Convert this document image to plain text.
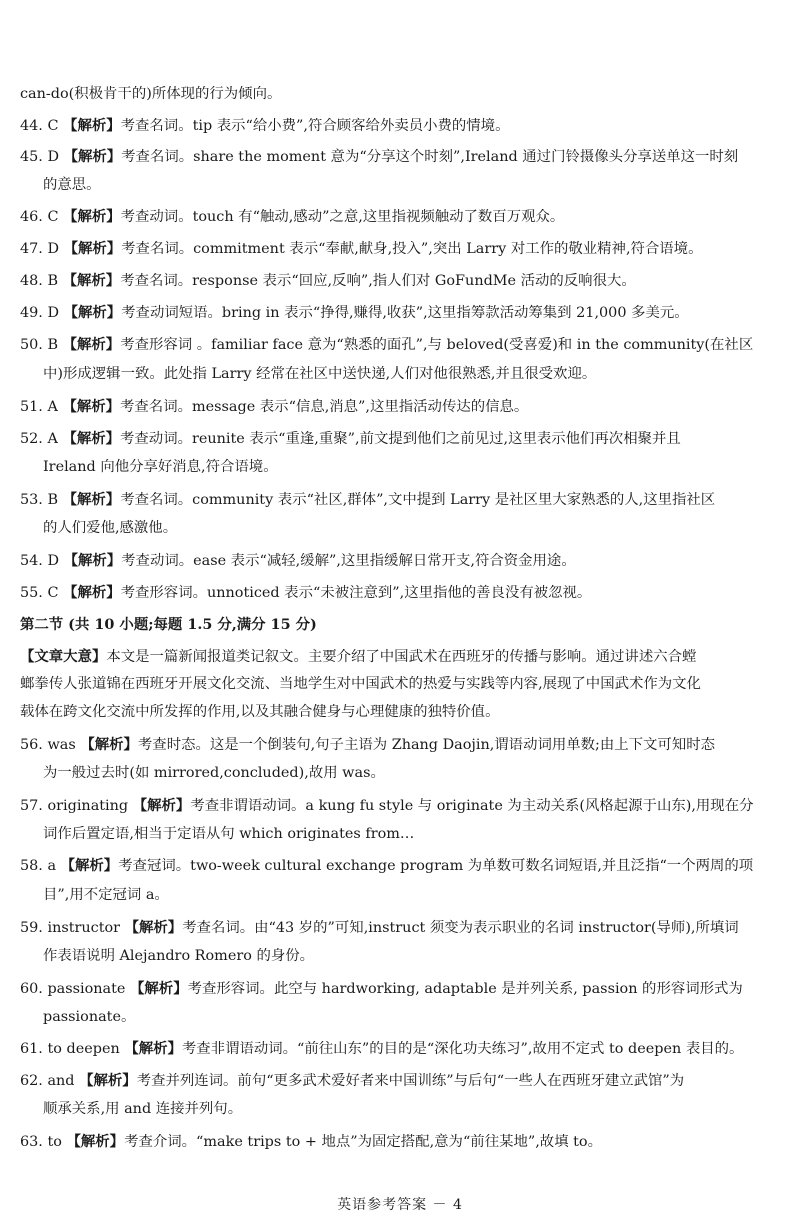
can-do(积极肯干的)所体现的行为倾向。
44. C 【解析】考查名词。tip 表示“给小费”,符合顾客给外卖员小费的情境。
45. D 【解析】考查名词。share the moment 意为“分享这个时刻”,Ireland 通过门铃摄像头分享送单这一时刻
的意思。
46. C 【解析】考查动词。touch 有“触动,感动”之意,这里指视频触动了数百万观众。
47. D 【解析】考查名词。commitment 表示“奉献,献身,投入”,突出 Larry 对工作的敬业精神,符合语境。
48. B 【解析】考查名词。response 表示“回应,反响”,指人们对 GoFundMe 活动的反响很大。
49. D 【解析】考查动词短语。bring in 表示“挣得,赚得,收获”,这里指筹款活动筹集到 21,000 多美元。
50. B 【解析】考查形容词 。familiar face 意为“熟悉的面孔”,与 beloved(受喜爱)和 in the community(在社区
中)形成逻辑一致。此处指 Larry 经常在社区中送快递,人们对他很熟悉,并且很受欢迎。
51. A 【解析】考查名词。message 表示“信息,消息”,这里指活动传达的信息。
52. A 【解析】考查动词。reunite 表示“重逢,重聚”,前文提到他们之前见过,这里表示他们再次相聚并且
Ireland 向他分享好消息,符合语境。
53. B 【解析】考查名词。community 表示“社区,群体”,文中提到 Larry 是社区里大家熟悉的人,这里指社区
的人们爱他,感激他。
54. D 【解析】考查动词。ease 表示“减轻,缓解”,这里指缓解日常开支,符合资金用途。
55. C 【解析】考查形容词。unnoticed 表示“未被注意到”,这里指他的善良没有被忽视。
第二节 (共 10 小题;每题 1.5 分,满分 15 分)
【文章大意】本文是一篇新闻报道类记叙文。主要介绍了中国武术在西班牙的传播与影响。通过讲述六合螳
螂拳传人张道锦在西班牙开展文化交流、当地学生对中国武术的热爱与实践等内容,展现了中国武术作为文化
载体在跨文化交流中所发挥的作用,以及其融合健身与心理健康的独特价值。
56. was 【解析】考查时态。这是一个倒装句,句子主语为 Zhang Daojin,谓语动词用单数;由上下文可知时态
为一般过去时(如 mirrored,concluded),故用 was。
57. originating 【解析】考查非谓语动词。a kung fu style 与 originate 为主动关系(风格起源于山东),用现在分
词作后置定语,相当于定语从句 which originates from…
58. a 【解析】考查冠词。two-week cultural exchange program 为单数可数名词短语,并且泛指“一个两周的项
目”,用不定冠词 a。
59. instructor 【解析】考查名词。由“43 岁的”可知,instruct 须变为表示职业的名词 instructor(导师),所填词
作表语说明 Alejandro Romero 的身份。
60. passionate 【解析】考查形容词。此空与 hardworking, adaptable 是并列关系, passion 的形容词形式为
passionate。
61. to deepen 【解析】考查非谓语动词。“前往山东”的目的是“深化功夫练习”,故用不定式 to deepen 表目的。
62. and 【解析】考查并列连词。前句“更多武术爱好者来中国训练”与后句“一些人在西班牙建立武馆”为
顺承关系,用 and 连接并列句。
63. to 【解析】考查介词。“make trips to + 地点”为固定搭配,意为“前往某地”,故填 to。
英语参考答案 － 4
